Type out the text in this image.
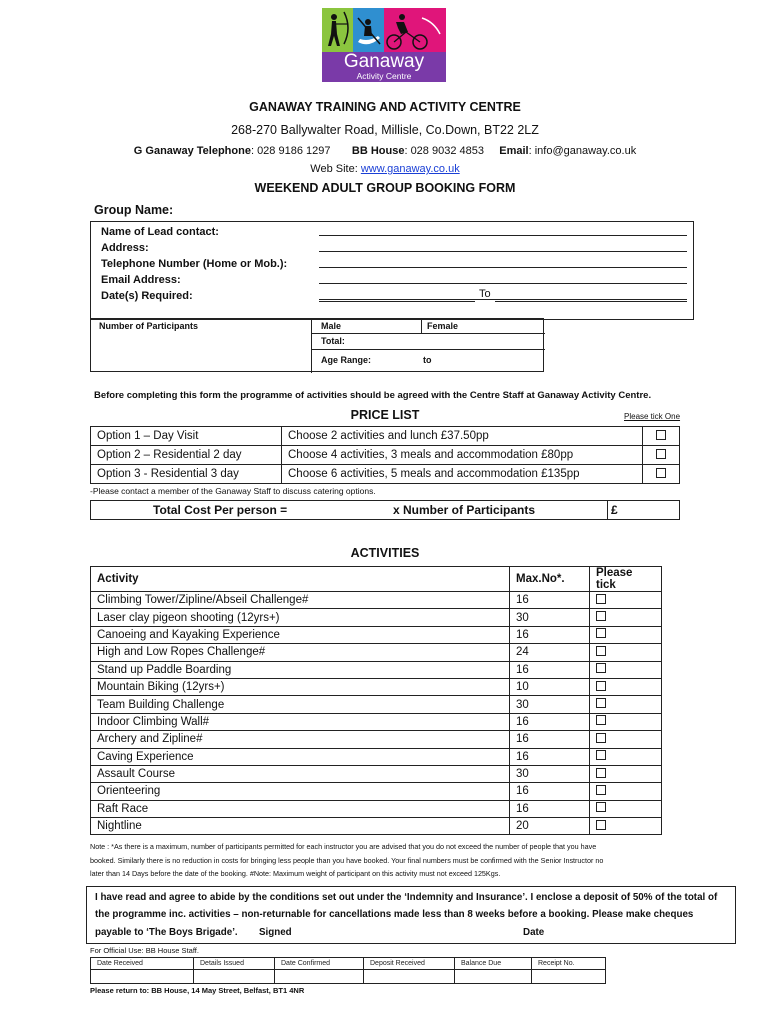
Ganaway
Activity Centre
GANAWAY TRAINING AND ACTIVITY CENTRE
268-270 Ballywalter Road, Millisle, Co.Down, BT22 2LZ
G Ganaway Telephone: 028 9186 1297 BB House: 028 9032 4853 Email: info@ganaway.co.uk
Web Site: www.ganaway.co.uk
WEEKEND ADULT GROUP BOOKING FORM
Group Name:
Name of Lead contact:
Address:
Telephone Number (Home or Mob.):
Email Address:
Date(s) Required:	To
Number of Participants	Male	Female
Total:
Age Range:	to
Before completing this form the programme of activities should be agreed with the Centre Staff at Ganaway Activity Centre.
PRICE LIST	Please tick One
Option 1 – Day Visit	Choose 2 activities and lunch £37.50pp	
Option 2 – Residential 2 day	Choose 4 activities, 3 meals and accommodation £80pp	
Option 3 - Residential 3 day	Choose 6 activities, 5 meals and accommodation £135pp	
-Please contact a member of the Ganaway Staff to discuss catering options.
Total Cost Per person =	x Number of Participants	£
ACTIVITIES
Activity	Max.No*.	Please tick
Climbing Tower/Zipline/Abseil Challenge#	16	
Laser clay pigeon shooting (12yrs+)	30	
Canoeing and Kayaking Experience	16	
High and Low Ropes Challenge#	24	
Stand up Paddle Boarding	16	
Mountain Biking (12yrs+)	10	
Team Building Challenge	30	
Indoor Climbing Wall#	16	
Archery and Zipline#	16	
Caving Experience	16	
Assault Course	30	
Orienteering	16	
Raft Race	16	
Nightline	20	
Note : *As there is a maximum, number of participants permitted for each instructor you are advised that you do not exceed the number of people that you have
booked. Similarly there is no reduction in costs for bringing less people than you have booked. Your final numbers must be confirmed with the Senior Instructor no
later than 14 Days before the date of the booking. #Note: Maximum weight of participant on this activity must not exceed 125Kgs.
I have read and agree to abide by the conditions set out under the ‘Indemnity and Insurance’. I enclose a deposit of 50% of the total of
the programme inc. activities – non-returnable for cancellations made less than 8 weeks before a booking. Please make cheques
payable to ‘The Boys Brigade’. Signed	Date
For Official Use: BB House Staff.
Date Received	Details Issued	Date Confirmed	Deposit Received	Balance Due	Receipt No.

Please return to: BB House, 14 May Street, Belfast, BT1 4NR
